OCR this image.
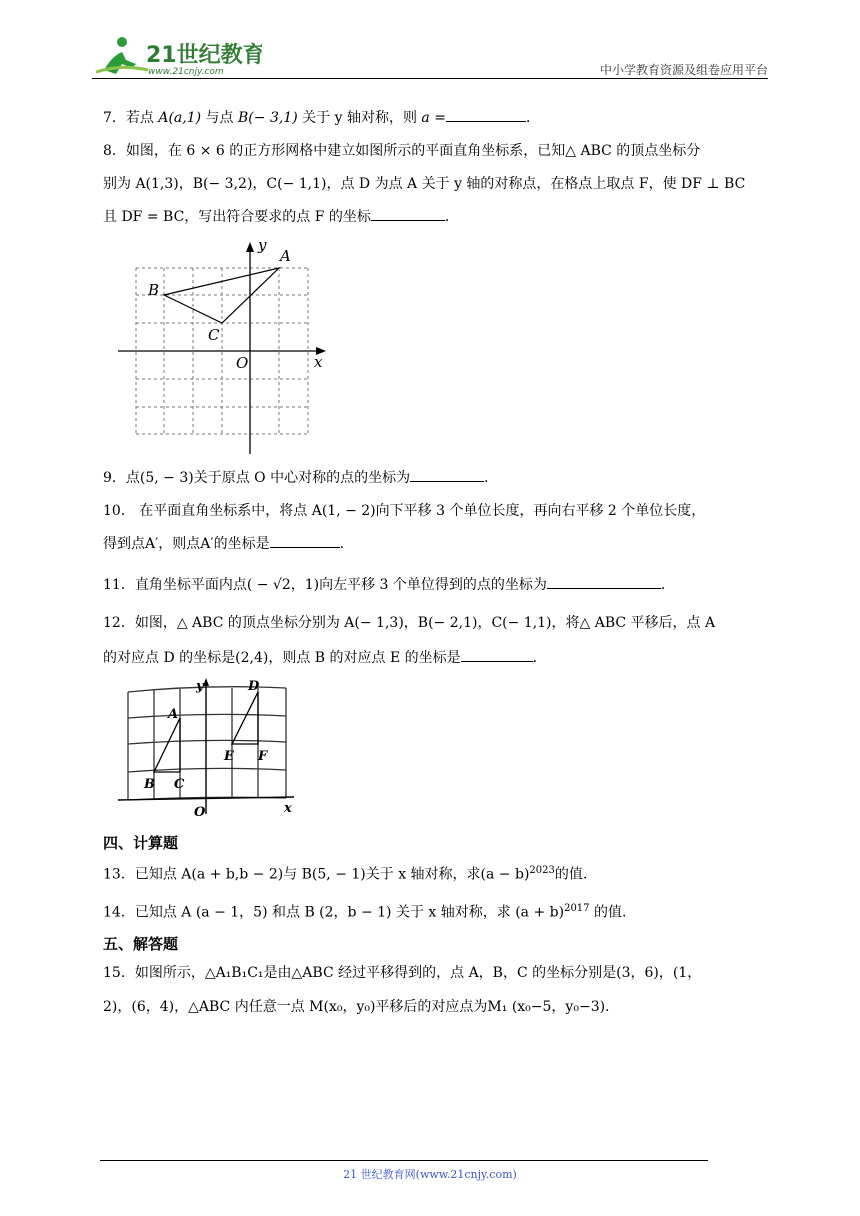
21世纪教育
www.21cnjy.com	中小学教育资源及组卷应用平台
7．若点 A(a,1) 与点 B(− 3,1) 关于 y 轴对称，则 a =	．
8．如图，在 6 × 6 的正方形网格中建立如图所示的平面直角坐标系，已知△ ABC 的顶点坐标分
别为 A(1,3)，B(− 3,2)，C(− 1,1)，点 D 为点 A 关于 y 轴的对称点，在格点上取点 F，使 DF ⊥ BC
且 DF = BC，写出符合要求的点 F 的坐标	．
A
B
C
O	x
y
9．点(5, − 3)关于原点 O 中心对称的点的坐标为	．
10． 在平面直角坐标系中，将点 A(1, − 2)向下平移 3 个单位长度，再向右平移 2 个单位长度，
得到点A′，则点A′的坐标是	．
11．直角坐标平面内点( − √2，1)向左平移 3 个单位得到的点的坐标为	．
12．如图，△ ABC 的顶点坐标分别为 A(− 1,3)，B(− 2,1)，C(− 1,1)，将△ ABC 平移后，点 A
的对应点 D 的坐标是(2,4)，则点 B 的对应点 E 的坐标是	．
A
B C
D
E F
O	x
y
四、计算题
13．已知点 A(a + b,b − 2)与 B(5, − 1)关于 x 轴对称，求$(a - b)^{2023}$的值.
14．已知点 A (a − 1，5) 和点 B (2，b − 1) 关于 x 轴对称，求 $(a + b)^{2017}$ 的值.
五、解答题
15．如图所示，△A₁B₁C₁是由△ABC 经过平移得到的，点 A，B，C 的坐标分别是(3，6)，(1，
2)，(6，4)，△ABC 内任意一点 M(x₀，y₀)平移后的对应点为M₁ (x₀−5，y₀−3).
21 世纪教育网(www.21cnjy.com)
